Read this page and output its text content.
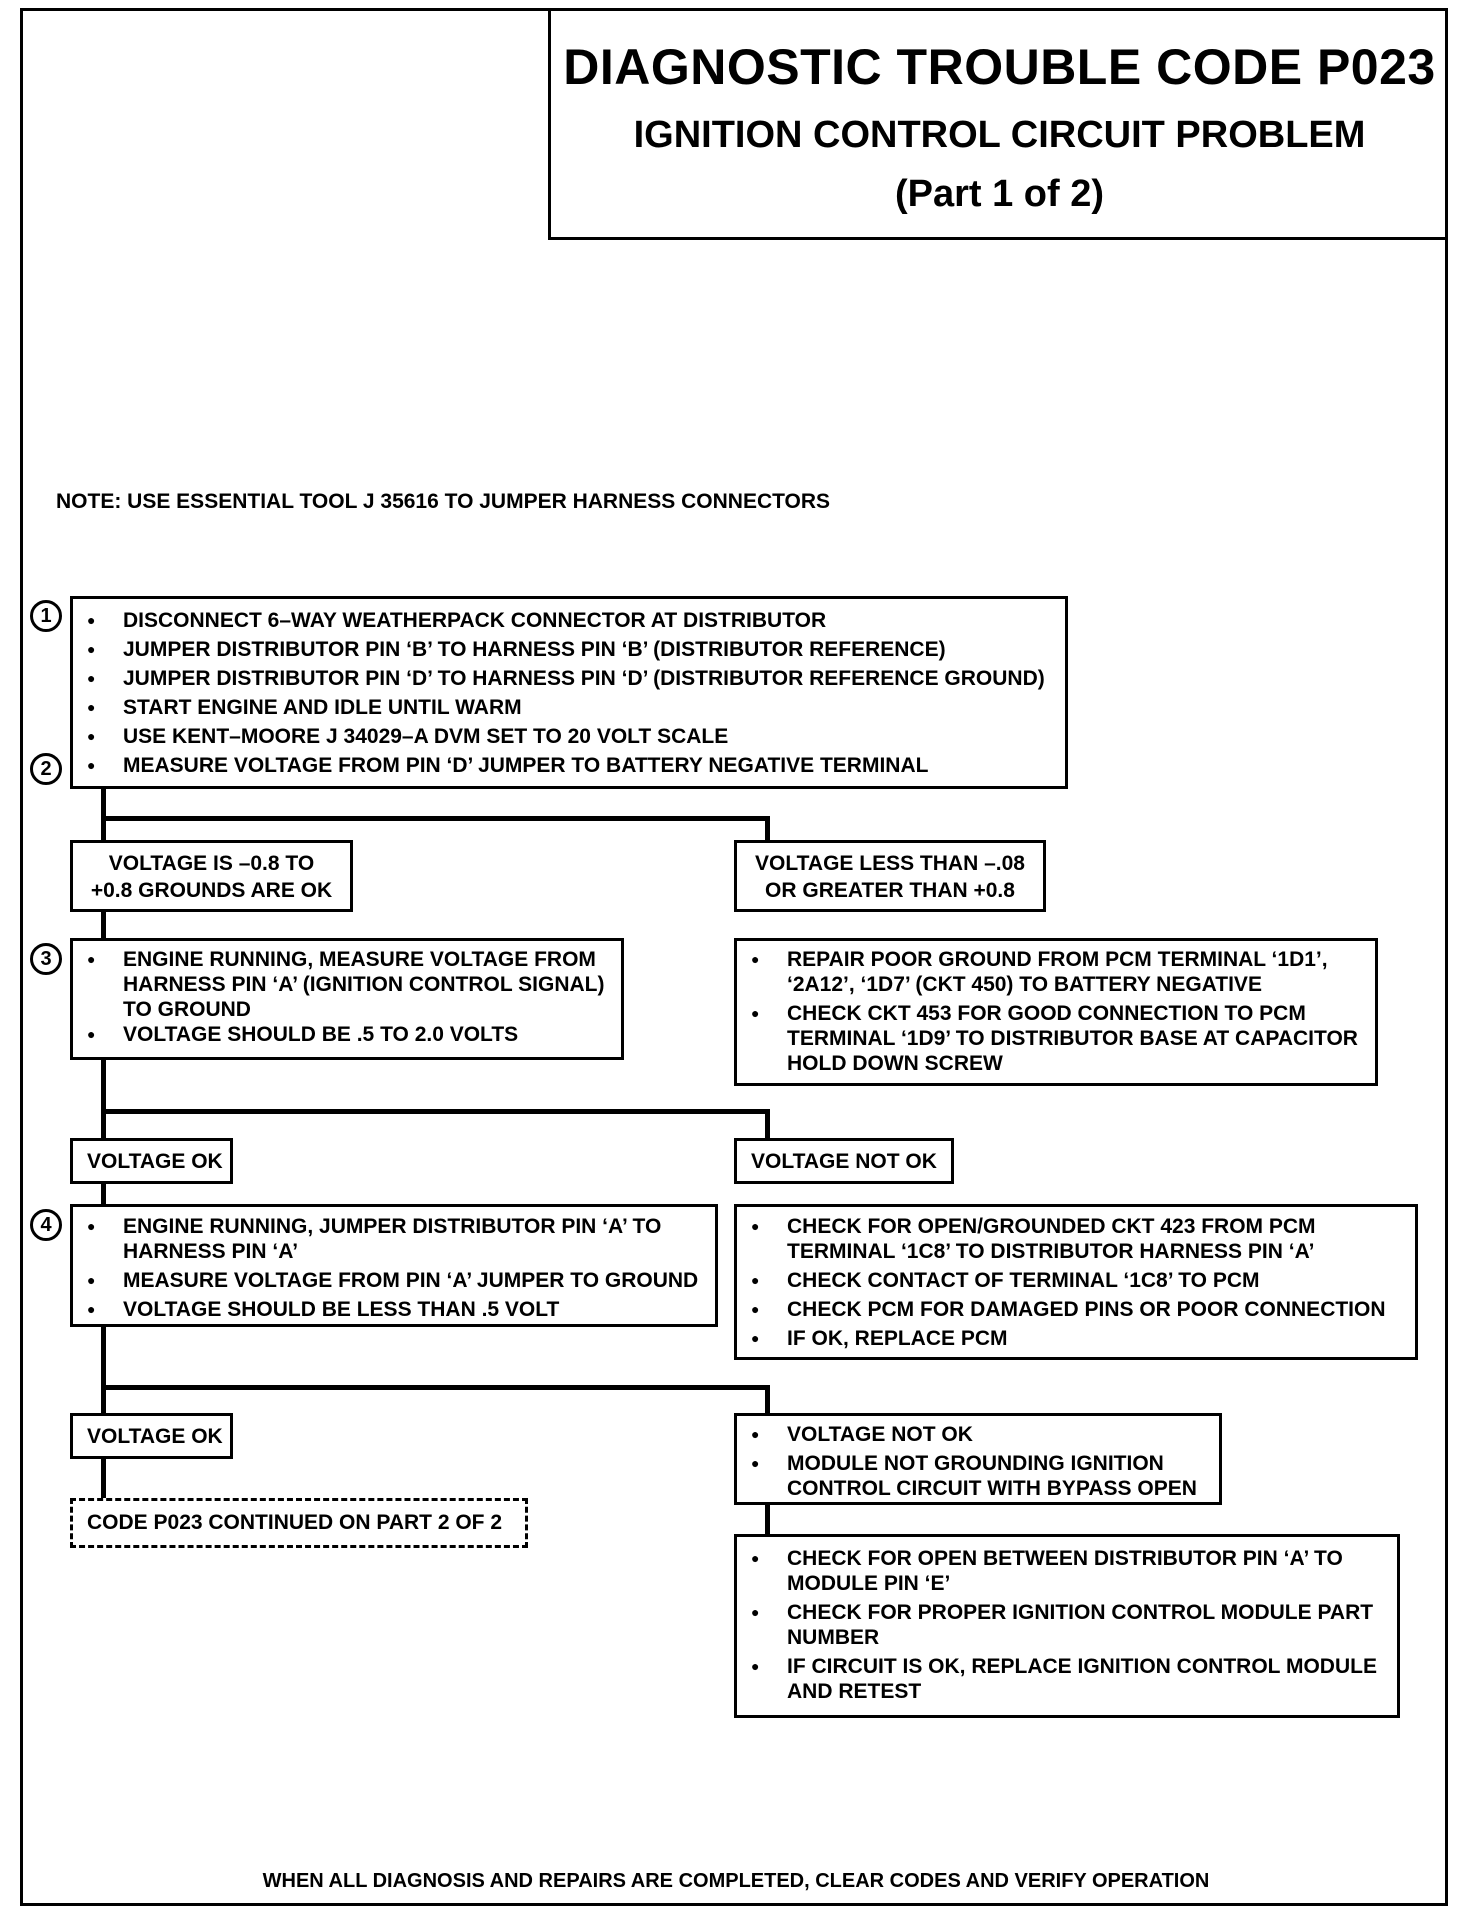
DIAGNOSTIC TROUBLE CODE P023
IGNITION CONTROL CIRCUIT PROBLEM
(Part 1 of 2)
NOTE: USE ESSENTIAL TOOL J 35616 TO JUMPER HARNESS CONNECTORS
1
2
3
4
● DISCONNECT 6–WAY WEATHERPACK CONNECTOR AT DISTRIBUTOR
● JUMPER DISTRIBUTOR PIN ‘B’ TO HARNESS PIN ‘B’ (DISTRIBUTOR REFERENCE)
● JUMPER DISTRIBUTOR PIN ‘D’ TO HARNESS PIN ‘D’ (DISTRIBUTOR REFERENCE GROUND)
● START ENGINE AND IDLE UNTIL WARM
● USE KENT–MOORE J 34029–A DVM SET TO 20 VOLT SCALE
● MEASURE VOLTAGE FROM PIN ‘D’ JUMPER TO BATTERY NEGATIVE TERMINAL
VOLTAGE IS –0.8 TO
+0.8 GROUNDS ARE OK
VOLTAGE LESS THAN –.08
OR GREATER THAN +0.8
● ENGINE RUNNING, MEASURE VOLTAGE FROM HARNESS PIN ‘A’ (IGNITION CONTROL SIGNAL) TO GROUND
● VOLTAGE SHOULD BE .5 TO 2.0 VOLTS
● REPAIR POOR GROUND FROM PCM TERMINAL ‘1D1’, ‘2A12’, ‘1D7’ (CKT 450) TO BATTERY NEGATIVE
● CHECK CKT 453 FOR GOOD CONNECTION TO PCM TERMINAL ‘1D9’ TO DISTRIBUTOR BASE AT CAPACITOR HOLD DOWN SCREW
VOLTAGE OK	VOLTAGE NOT OK
● ENGINE RUNNING, JUMPER DISTRIBUTOR PIN ‘A’ TO HARNESS PIN ‘A’
● MEASURE VOLTAGE FROM PIN ‘A’ JUMPER TO GROUND
● VOLTAGE SHOULD BE LESS THAN .5 VOLT
● CHECK FOR OPEN/GROUNDED CKT 423 FROM PCM TERMINAL ‘1C8’ TO DISTRIBUTOR HARNESS PIN ‘A’
● CHECK CONTACT OF TERMINAL ‘1C8’ TO PCM
● CHECK PCM FOR DAMAGED PINS OR POOR CONNECTION
● IF OK, REPLACE PCM
VOLTAGE OK
●	VOLTAGE NOT OK
● MODULE NOT GROUNDING IGNITION CONTROL CIRCUIT WITH BYPASS OPEN
CODE P023 CONTINUED ON PART 2 OF 2
● CHECK FOR OPEN BETWEEN DISTRIBUTOR PIN ‘A’ TO MODULE PIN ‘E’
● CHECK FOR PROPER IGNITION CONTROL MODULE PART NUMBER
● IF CIRCUIT IS OK, REPLACE IGNITION CONTROL MODULE AND RETEST
WHEN ALL DIAGNOSIS AND REPAIRS ARE COMPLETED, CLEAR CODES AND VERIFY OPERATION
